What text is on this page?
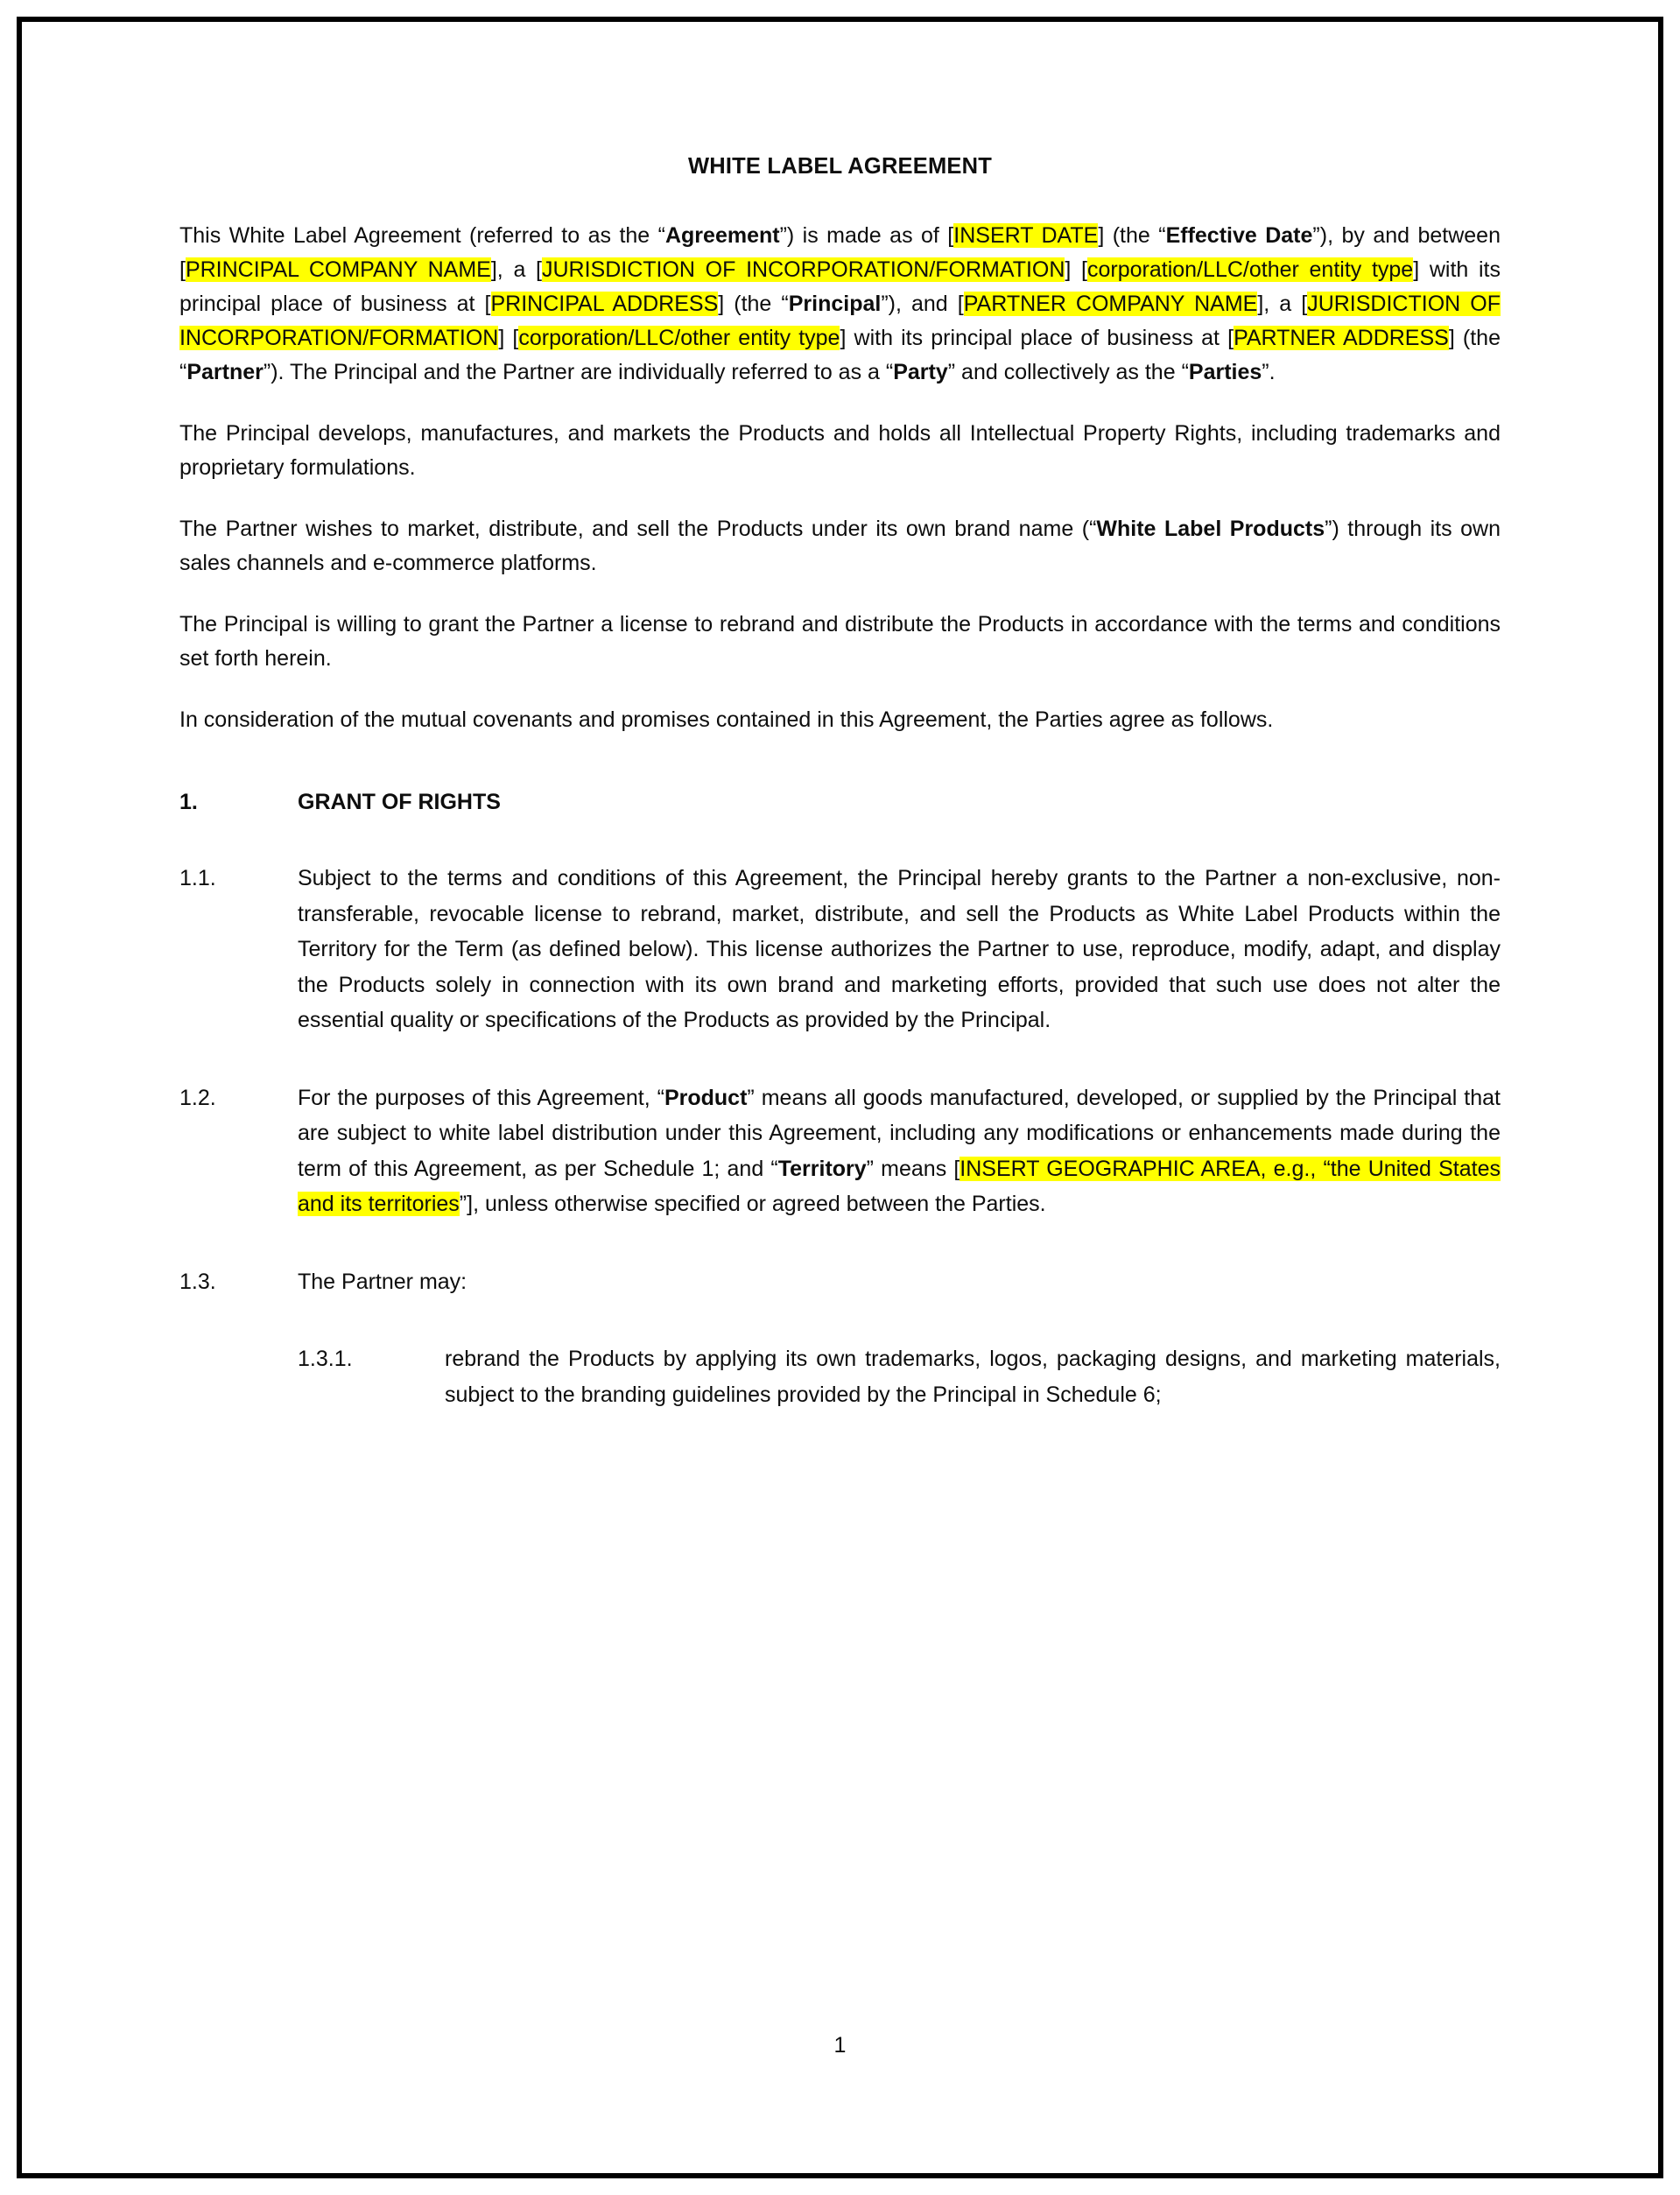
WHITE LABEL AGREEMENT

This White Label Agreement (referred to as the “Agreement”) is made as of [INSERT DATE] (the “Effective Date”), by and between [PRINCIPAL COMPANY NAME], a [JURISDICTION OF INCORPORATION/FORMATION] [corporation/LLC/other entity type] with its principal place of business at [PRINCIPAL ADDRESS] (the “Principal”), and [PARTNER COMPANY NAME], a [JURISDICTION OF INCORPORATION/FORMATION] [corporation/LLC/other entity type] with its principal place of business at [PARTNER ADDRESS] (the “Partner”). The Principal and the Partner are individually referred to as a “Party” and collectively as the “Parties”.

The Principal develops, manufactures, and markets the Products and holds all Intellectual Property Rights, including trademarks and proprietary formulations.

The Partner wishes to market, distribute, and sell the Products under its own brand name (“White Label Products”) through its own sales channels and e-commerce platforms.

The Principal is willing to grant the Partner a license to rebrand and distribute the Products in accordance with the terms and conditions set forth herein.

In consideration of the mutual covenants and promises contained in this Agreement, the Parties agree as follows.

1.	GRANT OF RIGHTS
1.1.	Subject to the terms and conditions of this Agreement, the Principal hereby grants to the Partner a non-exclusive, non-transferable, revocable license to rebrand, market, distribute, and sell the Products as White Label Products within the Territory for the Term (as defined below). This license authorizes the Partner to use, reproduce, modify, adapt, and display the Products solely in connection with its own brand and marketing efforts, provided that such use does not alter the essential quality or specifications of the Products as provided by the Principal.
1.2.	For the purposes of this Agreement, “Product” means all goods manufactured, developed, or supplied by the Principal that are subject to white label distribution under this Agreement, including any modifications or enhancements made during the term of this Agreement, as per Schedule 1; and “Territory” means [INSERT GEOGRAPHIC AREA, e.g., “the United States and its territories”], unless otherwise specified or agreed between the Parties.
1.3.	The Partner may:
1.3.1.	rebrand the Products by applying its own trademarks, logos, packaging designs, and marketing materials, subject to the branding guidelines provided by the Principal in Schedule 6;
1
